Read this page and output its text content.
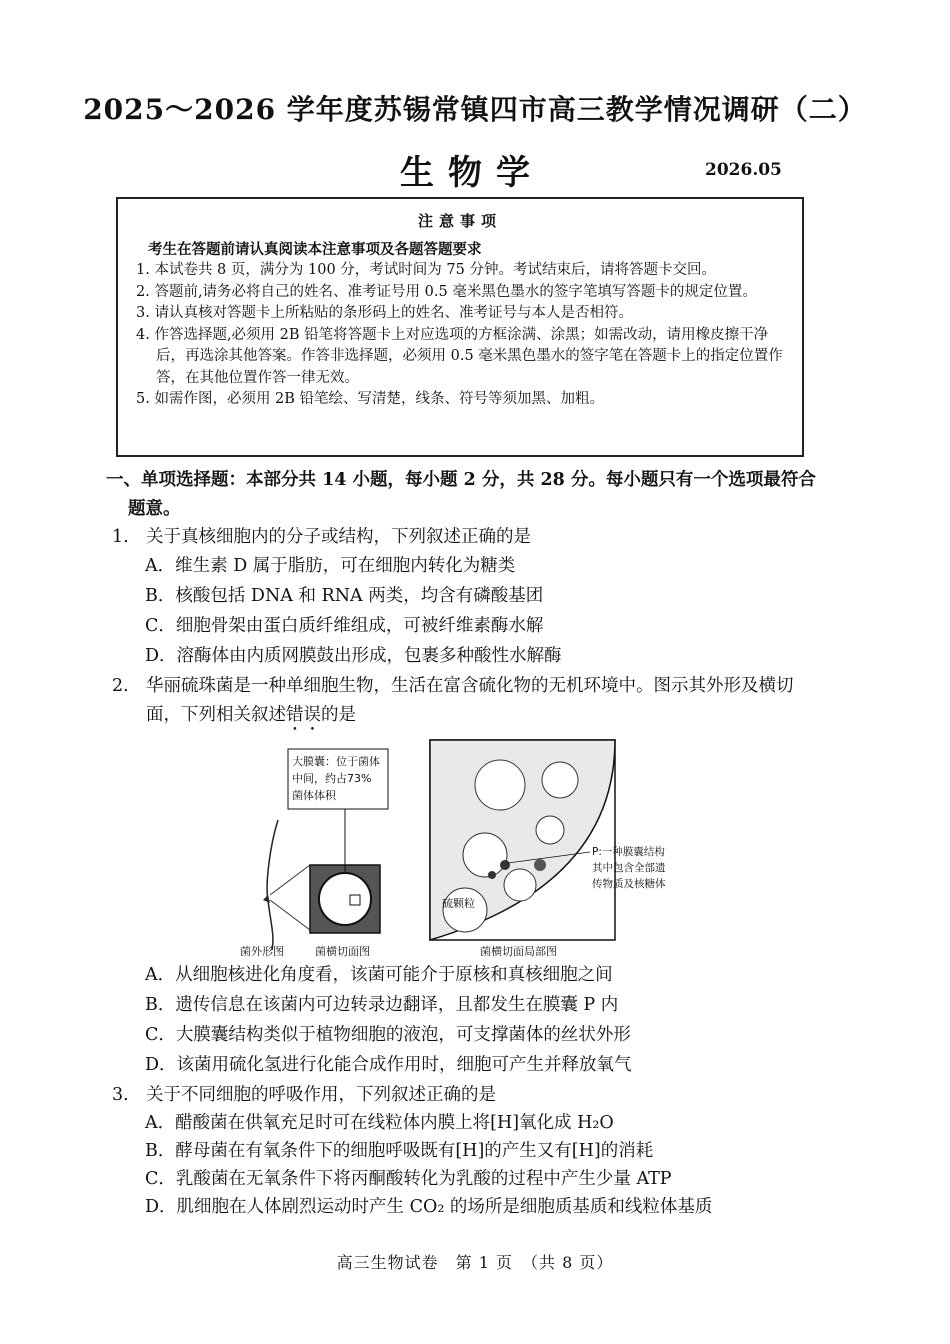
2025～2026 学年度苏锡常镇四市高三教学情况调研（二）
生物学	2026.05
注意事项
考生在答题前请认真阅读本注意事项及各题答题要求
1. 本试卷共 8 页，满分为 100 分，考试时间为 75 分钟。考试结束后，请将答题卡交回。
2. 答题前,请务必将自己的姓名、准考证号用 0.5 毫米黑色墨水的签字笔填写答题卡的规定位置。
3. 请认真核对答题卡上所粘贴的条形码上的姓名、准考证号与本人是否相符。
4. 作答选择题,必须用 2B 铅笔将答题卡上对应选项的方框涂满、涂黑；如需改动，请用橡皮擦干净后，再选涂其他答案。作答非选择题，必须用 0.5 毫米黑色墨水的签字笔在答题卡上的指定位置作答，在其他位置作答一律无效。
5. 如需作图，必须用 2B 铅笔绘、写清楚，线条、符号等须加黑、加粗。
一、单项选择题：本部分共 14 小题，每小题 2 分，共 28 分。每小题只有一个选项最符合
题意。
1. 关于真核细胞内的分子或结构，下列叙述正确的是
A．维生素 D 属于脂肪，可在细胞内转化为糖类
B．核酸包括 DNA 和 RNA 两类，均含有磷酸基团
C．细胞骨架由蛋白质纤维组成，可被纤维素酶水解
D．溶酶体由内质网膜鼓出形成，包裹多种酸性水解酶
2. 华丽硫珠菌是一种单细胞生物，生活在富含硫化物的无机环境中。图示其外形及横切
面，下列相关叙述错误的是
大膜囊：位于菌体
中间，约占73%
菌体体积
硫颗粒
P:一种膜囊结构
其中包含全部遗
传物质及核糖体
菌外形图	菌横切面图	菌横切面局部图
A．从细胞核进化角度看，该菌可能介于原核和真核细胞之间
B．遗传信息在该菌内可边转录边翻译，且都发生在膜囊 P 内
C．大膜囊结构类似于植物细胞的液泡，可支撑菌体的丝状外形
D．该菌用硫化氢进行化能合成作用时，细胞可产生并释放氧气
3. 关于不同细胞的呼吸作用，下列叙述正确的是
A．醋酸菌在供氧充足时可在线粒体内膜上将[H]氧化成 H₂O
B．酵母菌在有氧条件下的细胞呼吸既有[H]的产生又有[H]的消耗
C．乳酸菌在无氧条件下将丙酮酸转化为乳酸的过程中产生少量 ATP
D．肌细胞在人体剧烈运动时产生 CO₂ 的场所是细胞质基质和线粒体基质
高三生物试卷　第 1 页　（共 8 页）
